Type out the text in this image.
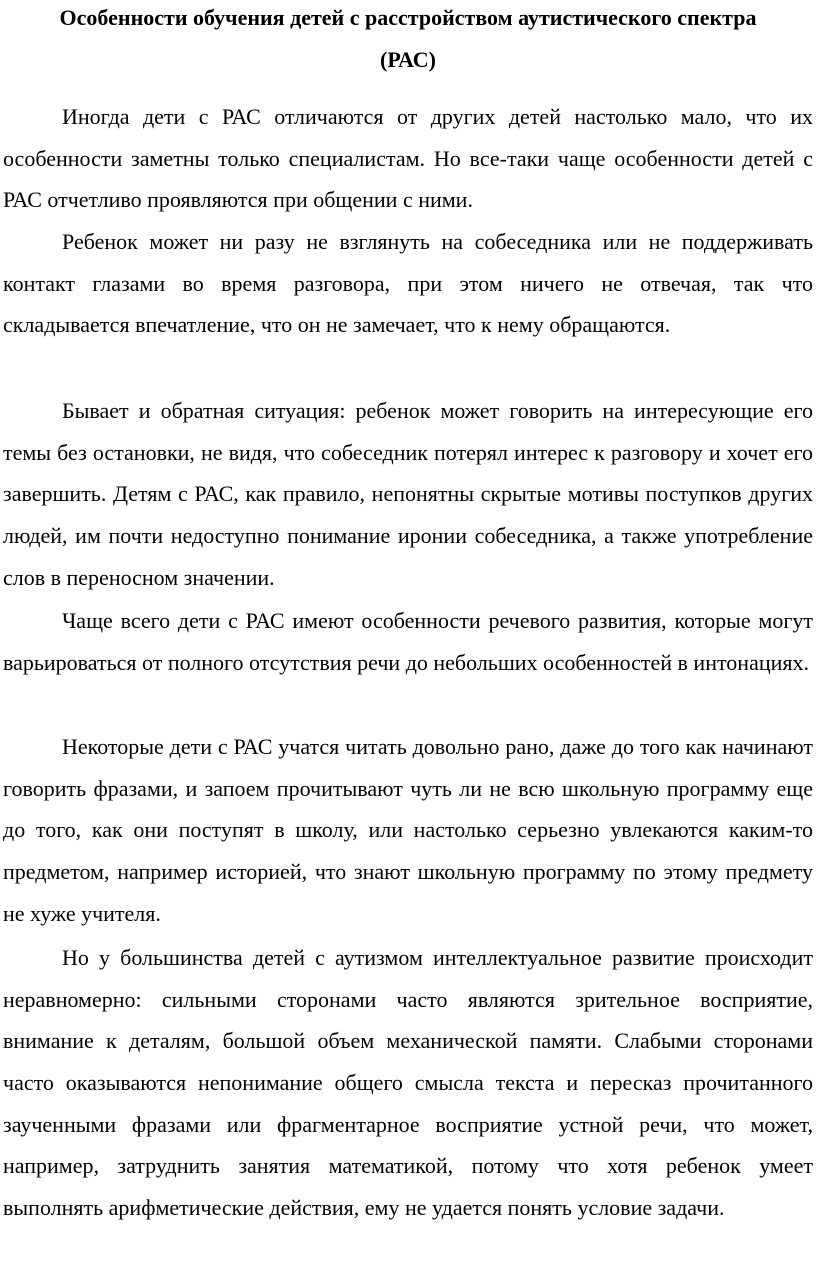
Особенности обучения детей с расстройством аутистического спектра
(РАС)

Иногда дети с РАС отличаются от других детей настолько мало, что их особенности заметны только специалистам. Но все-таки чаще особенности детей с РАС отчетливо проявляются при общении с ними.

Ребенок может ни разу не взглянуть на собеседника или не поддерживать контакт глазами во время разговора, при этом ничего не отвечая, так что складывается впечатление, что он не замечает, что к нему обращаются.

Бывает и обратная ситуация: ребенок может говорить на интересующие его темы без остановки, не видя, что собеседник потерял интерес к разговору и хочет его завершить. Детям с РАС, как правило, непонятны скрытые мотивы поступков других людей, им почти недоступно понимание иронии собеседника, а также употребление слов в переносном значении.

Чаще всего дети с РАС имеют особенности речевого развития, которые могут варьироваться от полного отсутствия речи до небольших особенностей в интонациях.

Некоторые дети с РАС учатся читать довольно рано, даже до того как начинают говорить фразами, и запоем прочитывают чуть ли не всю школьную программу еще до того, как они поступят в школу, или настолько серьезно увлекаются каким-то предметом, например историей, что знают школьную программу по этому предмету не хуже учителя.

Но у большинства детей с аутизмом интеллектуальное развитие происходит неравномерно: сильными сторонами часто являются зрительное восприятие, внимание к деталям, большой объем механической памяти. Слабыми сторонами часто оказываются непонимание общего смысла текста и пересказ прочитанного заученными фразами или фрагментарное восприятие устной речи, что может, например, затруднить занятия математикой, потому что хотя ребенок умеет выполнять арифметические действия, ему не удается понять условие задачи.
